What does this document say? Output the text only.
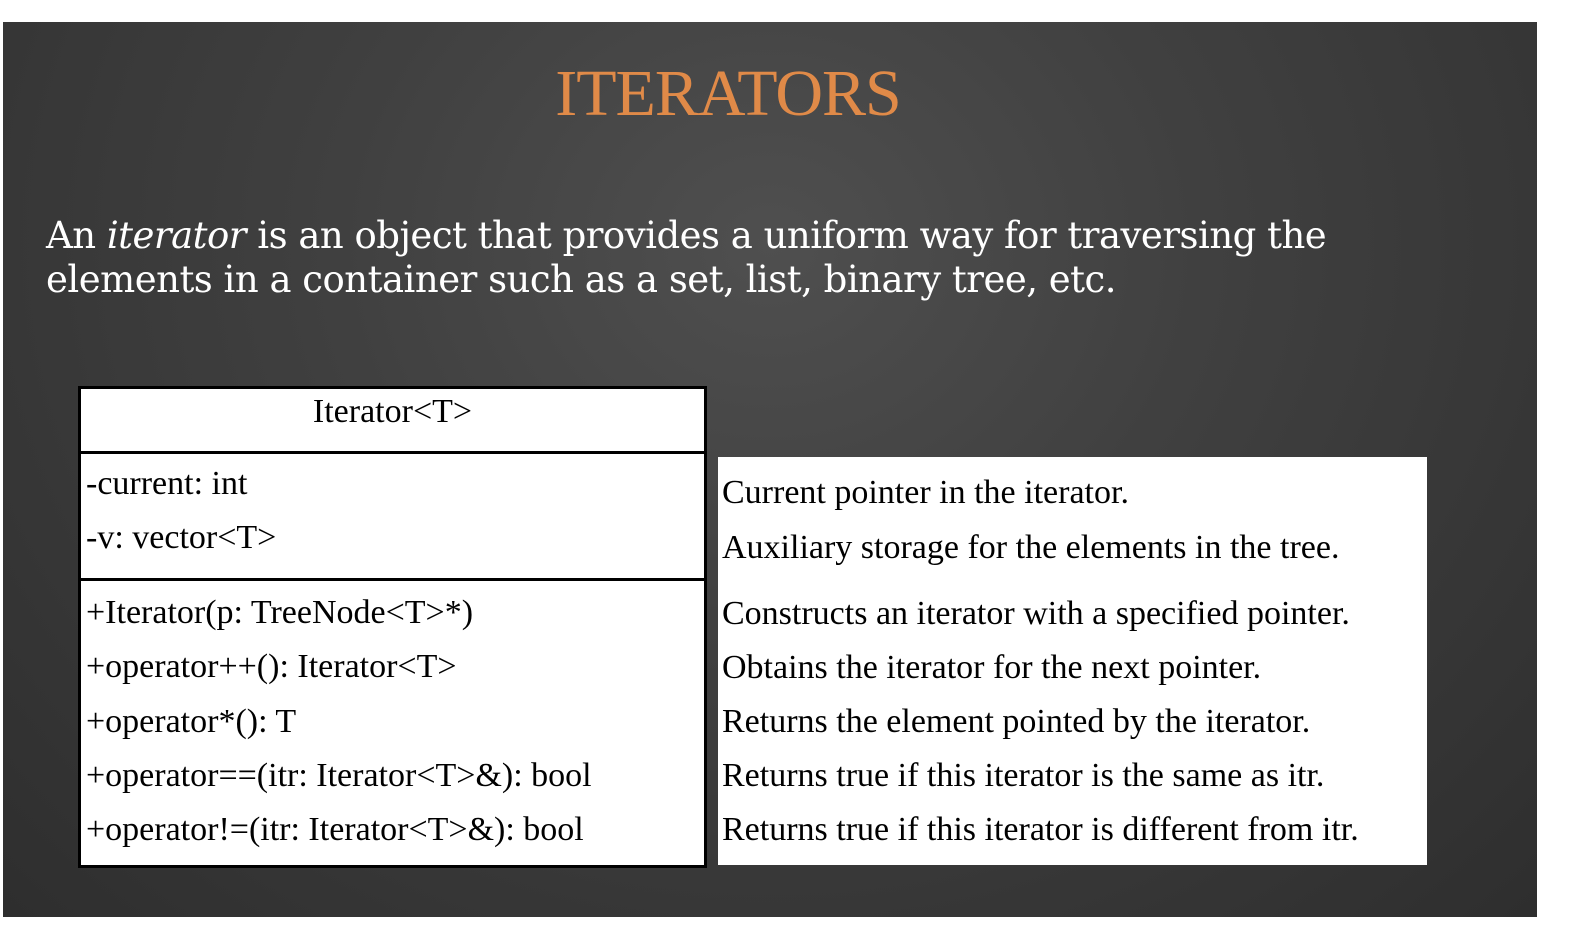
ITERATORS
An iterator is an object that provides a uniform way for traversing the
elements in a container such as a set, list, binary tree, etc.
Iterator<T>
-current: int
-v: vector<T>
+Iterator(p: TreeNode<T>*)
+operator++(): Iterator<T>
+operator*(): T
+operator==(itr: Iterator<T>&): bool
+operator!=(itr: Iterator<T>&): bool
Current pointer in the iterator.
Auxiliary storage for the elements in the tree.
Constructs an iterator with a specified pointer.
Obtains the iterator for the next pointer.
Returns the element pointed by the iterator.
Returns true if this iterator is the same as itr.
Returns true if this iterator is different from itr.
